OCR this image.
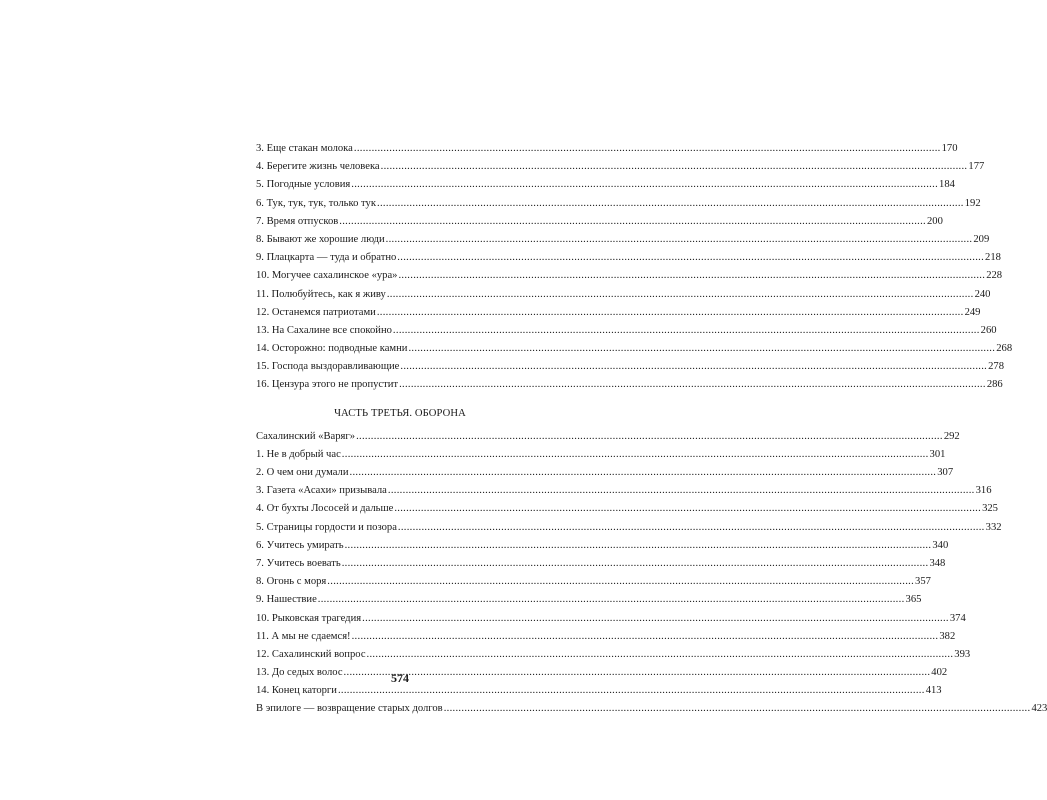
3. Еще стакан молока .....	170
4. Берегите жизнь человека .....	177
5. Погодные условия .....	184
6. Тук, тук, тук, только тук .....	192
7. Время отпусков .....	200
8. Бывают же хорошие люди .....	209
9. Плацкарта — туда и обратно .....	218
10. Могучее сахалинское «ура» .....	228
11. Полюбуйтесь, как я живу .....	240
12. Останемся патриотами .....	249
13. На Сахалине все спокойно .....	260
14. Осторожно: подводные камни .....	268
15. Господа выздоравливающие .....	278
16. Цензура этого не пропустит .....	286
ЧАСТЬ ТРЕТЬЯ. ОБОРОНА
Сахалинский «Варяг» .....	292
1. Не в добрый час .....	301
2. О чем они думали .....	307
3. Газета «Асахи» призывала .....	316
4. От бухты Лососей и дальше .....	325
5. Страницы гордости и позора .....	332
6. Учитесь умирать .....	340
7. Учитесь воевать .....	348
8. Огонь с моря .....	357
9. Нашествие .....	365
10. Рыковская трагедия .....	374
11. А мы не сдаемся! .....	382
12. Сахалинский вопрос .....	393
13. До седых волос .....	402
14. Конец каторги .....	413
В эпилоге — возвращение старых долгов .....	423
574
